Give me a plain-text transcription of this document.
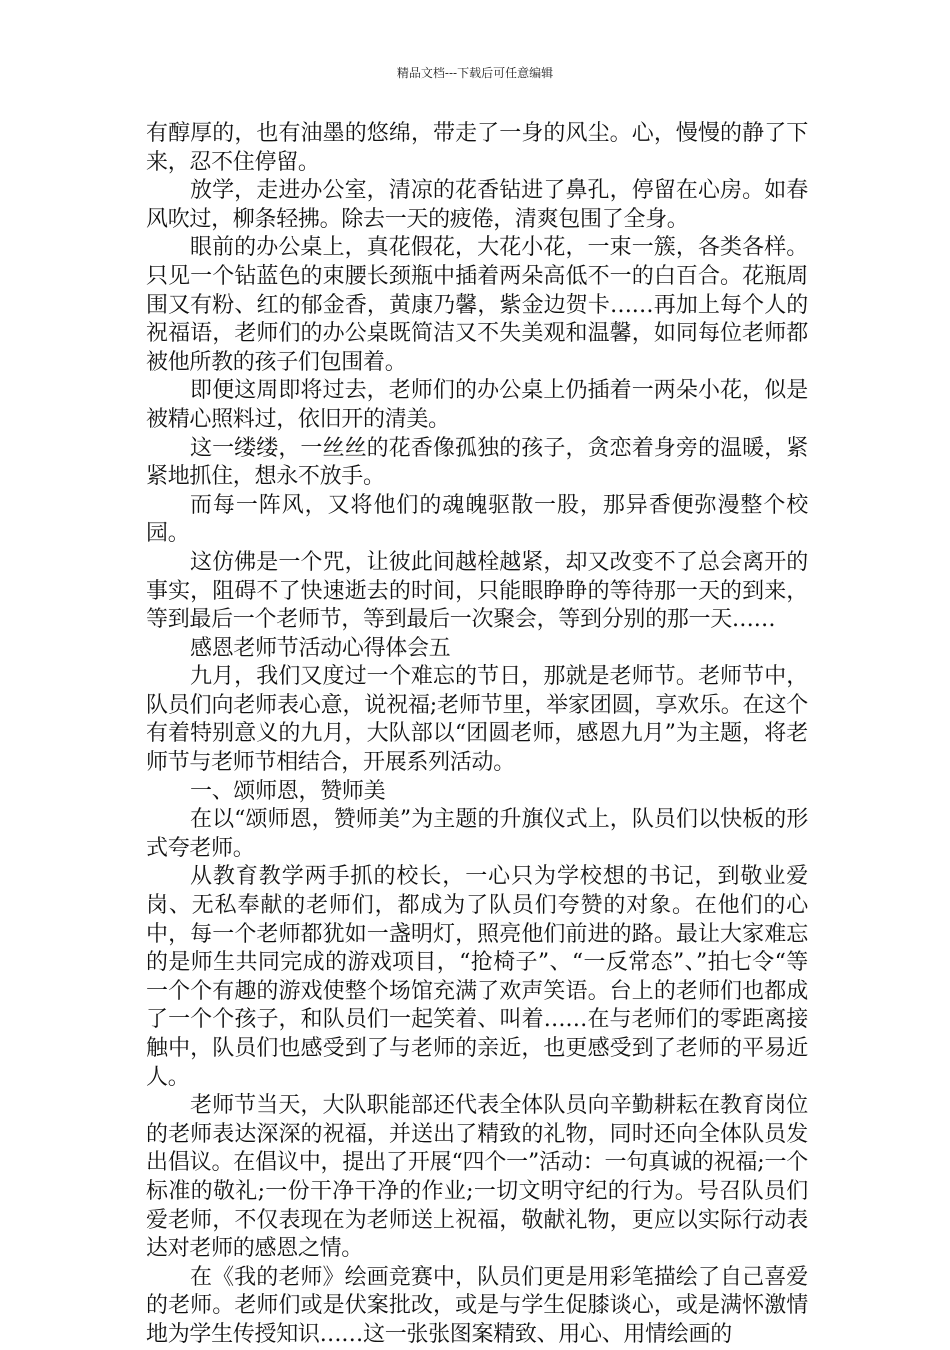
精品文档---下载后可任意编辑

有醇厚的，也有油墨的悠绵，带走了一身的风尘。心，慢慢的静了下来，忍不住停留。

放学，走进办公室，清凉的花香钻进了鼻孔，停留在心房。如春风吹过，柳条轻拂。除去一天的疲倦，清爽包围了全身。

眼前的办公桌上，真花假花，大花小花，一束一簇，各类各样。只见一个钻蓝色的束腰长颈瓶中插着两朵高低不一的白百合。花瓶周围又有粉、红的郁金香，黄康乃馨，紫金边贺卡……再加上每个人的祝福语，老师们的办公桌既简洁又不失美观和温馨，如同每位老师都被他所教的孩子们包围着。

即便这周即将过去，老师们的办公桌上仍插着一两朵小花，似是被精心照料过，依旧开的清美。

这一缕缕，一丝丝的花香像孤独的孩子，贪恋着身旁的温暖，紧紧地抓住，想永不放手。

而每一阵风，又将他们的魂魄驱散一股，那异香便弥漫整个校园。

这仿佛是一个咒，让彼此间越栓越紧，却又改变不了总会离开的事实，阻碍不了快速逝去的时间，只能眼睁睁的等待那一天的到来，等到最后一个老师节，等到最后一次聚会，等到分别的那一天……

感恩老师节活动心得体会五

九月，我们又度过一个难忘的节日，那就是老师节。老师节中，队员们向老师表心意，说祝福;老师节里，举家团圆，享欢乐。在这个有着特别意义的九月，大队部以“团圆老师，感恩九月”为主题，将老师节与老师节相结合，开展系列活动。

一、颂师恩，赞师美

在以“颂师恩，赞师美”为主题的升旗仪式上，队员们以快板的形式夸老师。

从教育教学两手抓的校长，一心只为学校想的书记，到敬业爱岗、无私奉献的老师们，都成为了队员们夸赞的对象。在他们的心中，每一个老师都犹如一盏明灯，照亮他们前进的路。最让大家难忘的是师生共同完成的游戏项目，“抢椅子”、“一反常态”、”拍七令“等一个个有趣的游戏使整个场馆充满了欢声笑语。台上的老师们也都成了一个个孩子，和队员们一起笑着、叫着……在与老师们的零距离接触中，队员们也感受到了与老师的亲近，也更感受到了老师的平易近人。

老师节当天，大队职能部还代表全体队员向辛勤耕耘在教育岗位的老师表达深深的祝福，并送出了精致的礼物，同时还向全体队员发出倡议。在倡议中，提出了开展“四个一”活动：一句真诚的祝福;一个标准的敬礼;一份干净干净的作业;一切文明守纪的行为。号召队员们爱老师，不仅表现在为老师送上祝福，敬献礼物，更应以实际行动表达对老师的感恩之情。

在《我的老师》绘画竞赛中，队员们更是用彩笔描绘了自己喜爱的老师。老师们或是伏案批改，或是与学生促膝谈心，或是满怀激情地为学生传授知识……这一张张图案精致、用心、用情绘画的
